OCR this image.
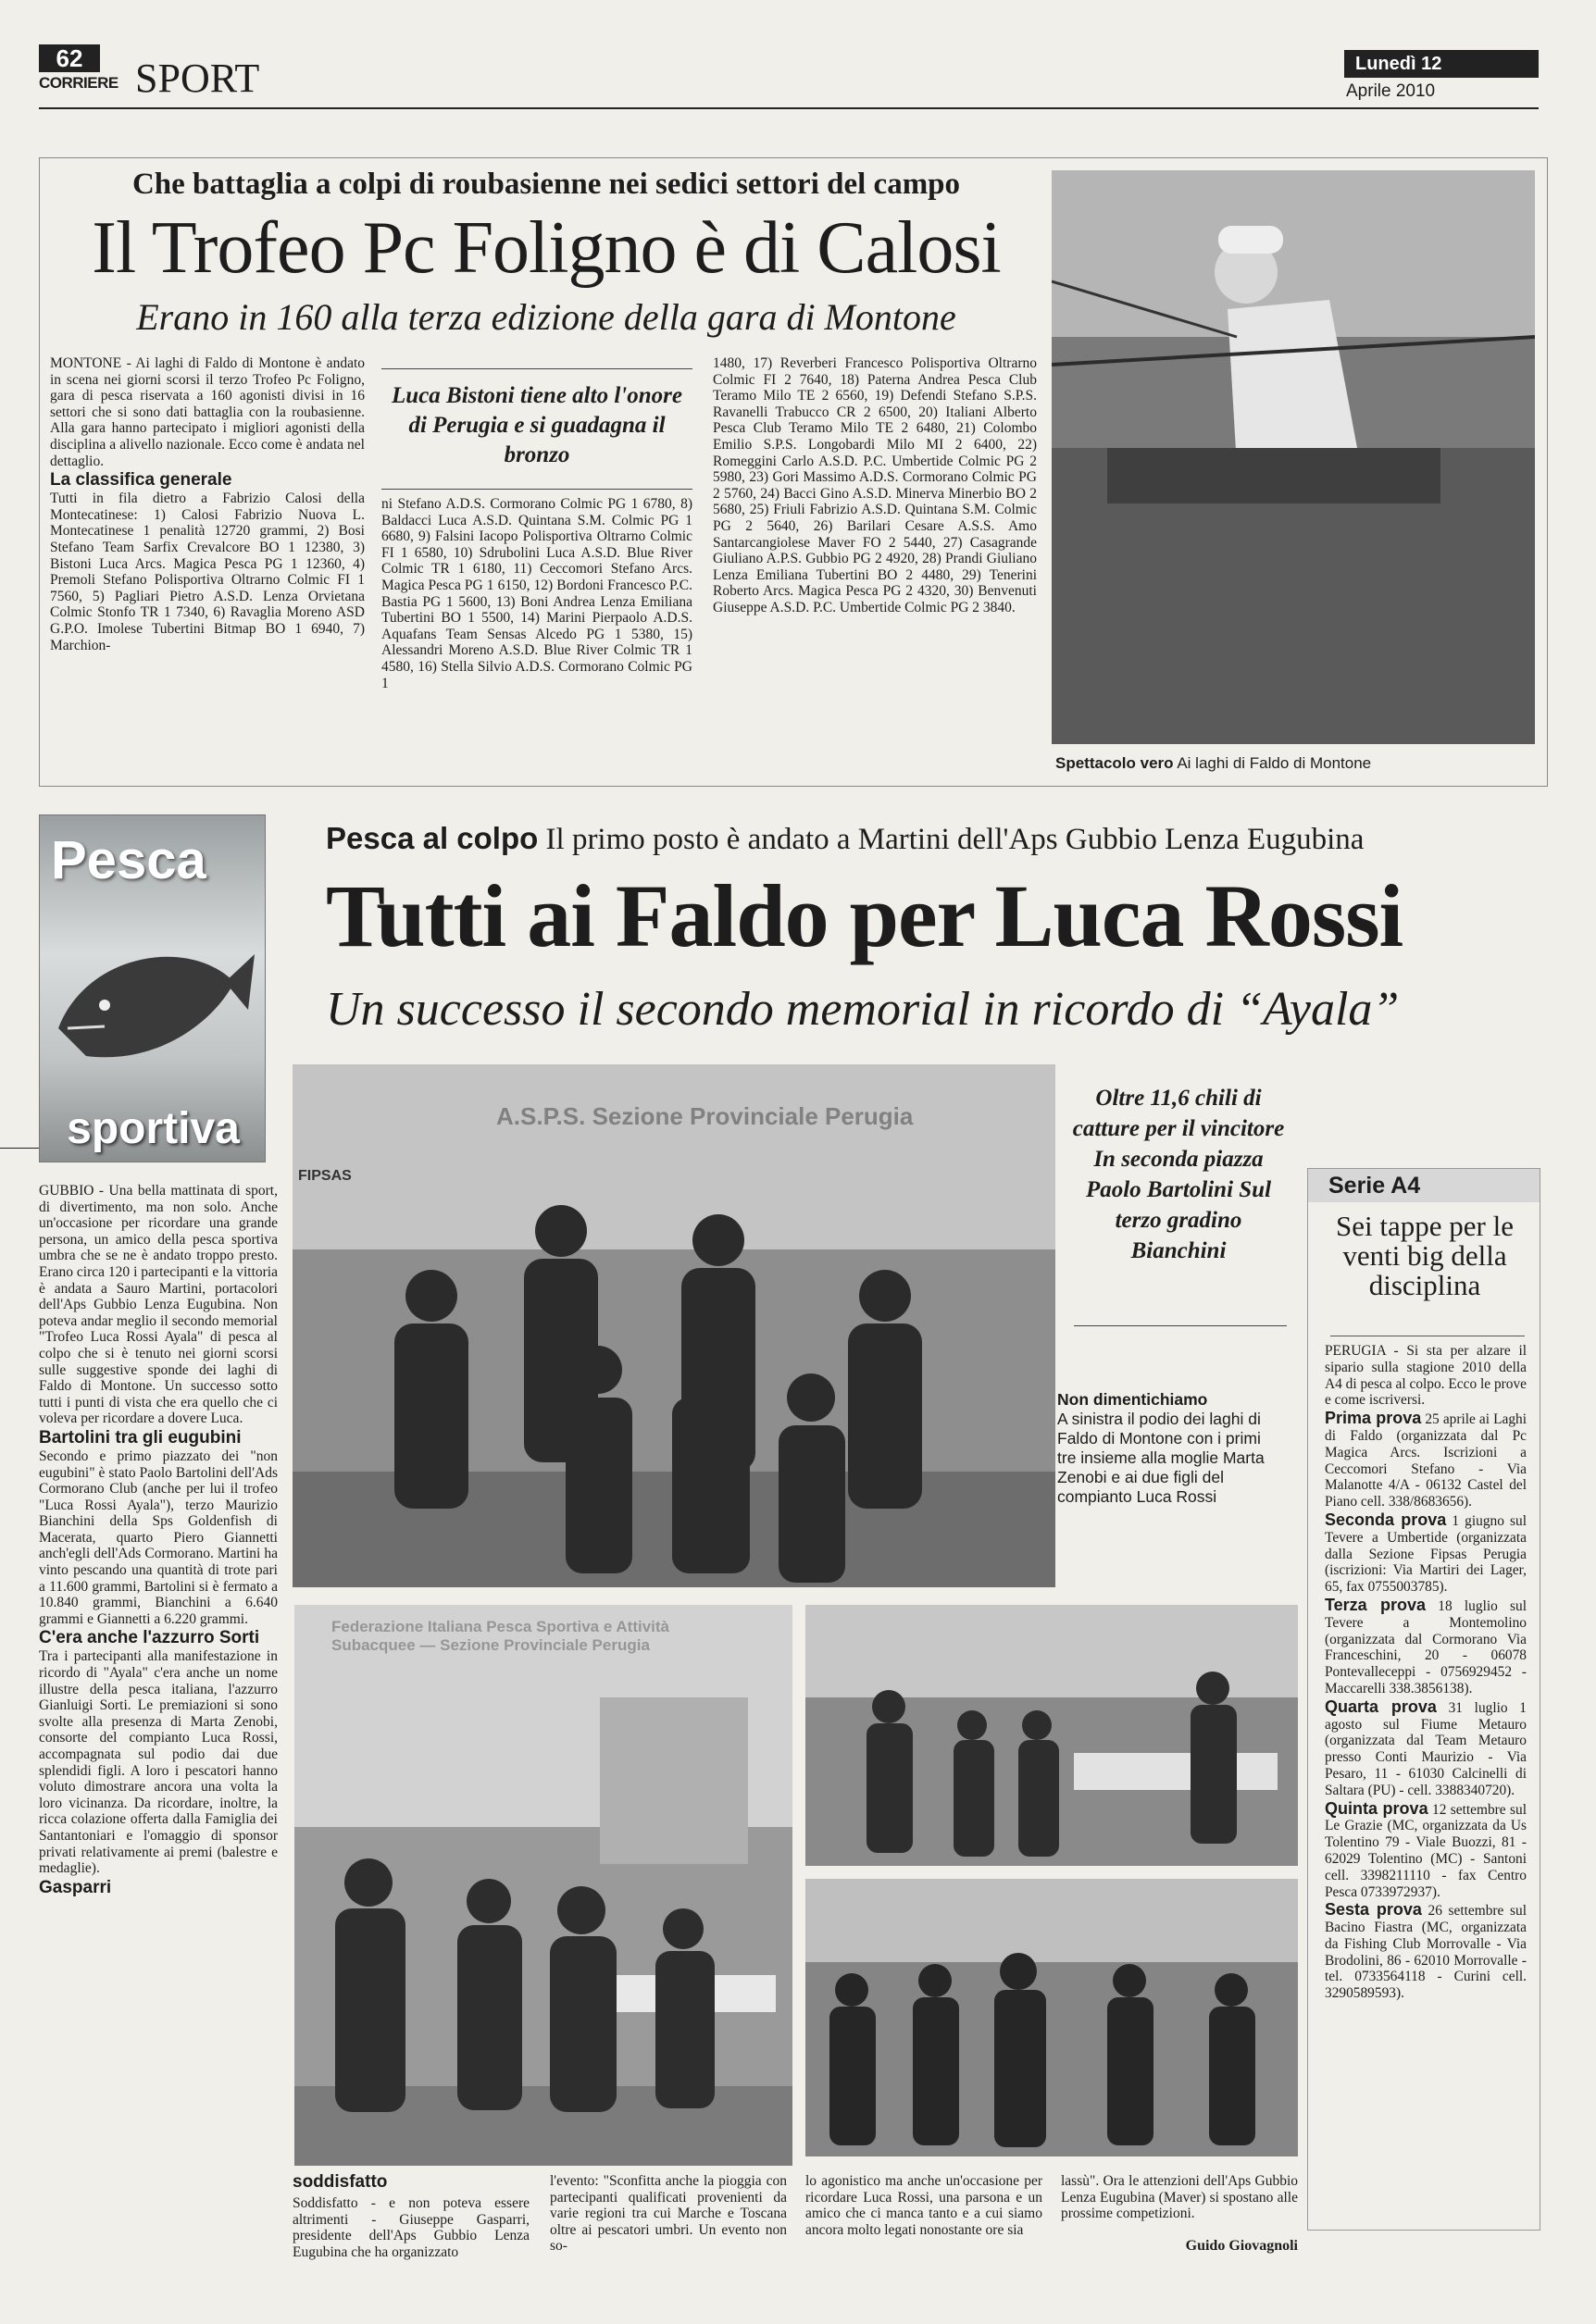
62
CORRIERE SPORT	Lunedì 12
Aprile 2010
Che battaglia a colpi di roubasienne nei sedici settori del campo
Il Trofeo Pc Foligno è di Calosi
Erano in 160 alla terza edizione della gara di Montone

MONTONE - Ai laghi di Faldo di Montone è andato in scena nei giorni scorsi il terzo Trofeo Pc Foligno, gara di pesca riservata a 160 agonisti divisi in 16 settori che si sono dati battaglia con la roubasienne. Alla gara hanno partecipato i migliori agonisti della disciplina a alivello nazionale. Ecco come è andata nel dettaglio.

La classifica generale

Tutti in fila dietro a Fabrizio Calosi della Montecatinese: 1) Calosi Fabrizio Nuova L. Montecatinese 1 penalità 12720 grammi, 2) Bosi Stefano Team Sarfix Crevalcore BO 1 12380, 3) Bistoni Luca Arcs. Magica Pesca PG 1 12360, 4) Premoli Stefano Polisportiva Oltrarno Colmic FI 1 7560, 5) Pagliari Pietro A.S.D. Lenza Orvietana Colmic Stonfo TR 1 7340, 6) Ravaglia Moreno ASD G.P.O. Imolese Tubertini Bitmap BO 1 6940, 7) Marchion-

Luca Bistoni tiene alto l'onore di Perugia e si guadagna il bronzo
ni Stefano A.D.S. Cormorano Colmic PG 1 6780, 8) Baldacci Luca A.S.D. Quintana S.M. Colmic PG 1 6680, 9) Falsini Iacopo Polisportiva Oltrarno Colmic FI 1 6580, 10) Sdrubolini Luca A.S.D. Blue River Colmic TR 1 6180, 11) Ceccomori Stefano Arcs. Magica Pesca PG 1 6150, 12) Bordoni Francesco P.C. Bastia PG 1 5600, 13) Boni Andrea Lenza Emiliana Tubertini BO 1 5500, 14) Marini Pierpaolo A.D.S. Aquafans Team Sensas Alcedo PG 1 5380, 15) Alessandri Moreno A.S.D. Blue River Colmic TR 1 4580, 16) Stella Silvio A.D.S. Cormorano Colmic PG 1
1480, 17) Reverberi Francesco Polisportiva Oltrarno Colmic FI 2 7640, 18) Paterna Andrea Pesca Club Teramo Milo TE 2 6560, 19) Defendi Stefano S.P.S. Ravanelli Trabucco CR 2 6500, 20) Italiani Alberto Pesca Club Teramo Milo TE 2 6480, 21) Colombo Emilio S.P.S. Longobardi Milo MI 2 6400, 22) Romeggini Carlo A.S.D. P.C. Umbertide Colmic PG 2 5980, 23) Gori Massimo A.D.S. Cormorano Colmic PG 2 5760, 24) Bacci Gino A.S.D. Minerva Minerbio BO 2 5680, 25) Friuli Fabrizio A.S.D. Quintana S.M. Colmic PG 2 5640, 26) Barilari Cesare A.S.S. Amo Santarcangiolese Maver FO 2 5440, 27) Casagrande Giuliano A.P.S. Gubbio PG 2 4920, 28) Prandi Giuliano Lenza Emiliana Tubertini BO 2 4480, 29) Tenerini Roberto Arcs. Magica Pesca PG 2 4320, 30) Benvenuti Giuseppe A.S.D. P.C. Umbertide Colmic PG 2 3840.
Spettacolo vero Ai laghi di Faldo di Montone
Pesca
sportiva
Pesca al colpo Il primo posto è andato a Martini dell'Aps Gubbio Lenza Eugubina
Tutti ai Faldo per Luca Rossi
Un successo il secondo memorial in ricordo di “Ayala”

GUBBIO - Una bella mattinata di sport, di divertimento, ma non solo. Anche un'occasione per ricordare una grande persona, un amico della pesca sportiva umbra che se ne è andato troppo presto. Erano circa 120 i partecipanti e la vittoria è andata a Sauro Martini, portacolori dell'Aps Gubbio Lenza Eugubina. Non poteva andar meglio il secondo memorial "Trofeo Luca Rossi Ayala" di pesca al colpo che si è tenuto nei giorni scorsi sulle suggestive sponde dei laghi di Faldo di Montone. Un successo sotto tutti i punti di vista che era quello che ci voleva per ricordare a dovere Luca.

Bartolini tra gli eugubini

Secondo e primo piazzato dei "non eugubini" è stato Paolo Bartolini dell'Ads Cormorano Club (anche per lui il trofeo "Luca Rossi Ayala"), terzo Maurizio Bianchini della Sps Goldenfish di Macerata, quarto Piero Giannetti anch'egli dell'Ads Cormorano. Martini ha vinto pescando una quantità di trote pari a 11.600 grammi, Bartolini si è fermato a 10.840 grammi, Bianchini a 6.640 grammi e Giannetti a 6.220 grammi.

C'era anche l'azzurro Sorti

Tra i partecipanti alla manifestazione in ricordo di "Ayala" c'era anche un nome illustre della pesca italiana, l'azzurro Gianluigi Sorti. Le premiazioni si sono svolte alla presenza di Marta Zenobi, consorte del compianto Luca Rossi, accompagnata sul podio dai due splendidi figli. A loro i pescatori hanno voluto dimostrare ancora una volta la loro vicinanza. Da ricordare, inoltre, la ricca colazione offerta dalla Famiglia dei Santantoniari e l'omaggio di sponsor privati relativamente ai premi (balestre e medaglie).

Gasparri
A.S.P.S. Sezione Provinciale Perugia
FIPSAS
Oltre 11,6 chili di catture per il vincitore In seconda piazza Paolo Bartolini Sul terzo gradino Bianchini
Non dimentichiamo
A sinistra il podio dei laghi di Faldo di Montone con i primi tre insieme alla moglie Marta Zenobi e ai due figli del compianto Luca Rossi
Serie A4
Sei tappe per le venti big della disciplina

PERUGIA - Si sta per alzare il sipario sulla stagione 2010 della A4 di pesca al colpo. Ecco le prove e come iscriversi.

Prima prova 25 aprile ai Laghi di Faldo (organizzata dal Pc Magica Arcs. Iscrizioni a Ceccomori Stefano - Via Malanotte 4/A - 06132 Castel del Piano cell. 338/8683656).

Seconda prova 1 giugno sul Tevere a Umbertide (organizzata dalla Sezione Fipsas Perugia (iscrizioni: Via Martiri dei Lager, 65, fax 0755003785).

Terza prova 18 luglio sul Tevere a Montemolino (organizzata dal Cormorano Via Franceschini, 20 - 06078 Pontevalleceppi - 0756929452 - Maccarelli 338.3856138).

Quarta prova 31 luglio 1 agosto sul Fiume Metauro (organizzata dal Team Metauro presso Conti Maurizio - Via Pesaro, 11 - 61030 Calcinelli di Saltara (PU) - cell. 3388340720).

Quinta prova 12 settembre sul Le Grazie (MC, organizzata da Us Tolentino 79 - Viale Buozzi, 81 - 62029 Tolentino (MC) - Santoni cell. 3398211110 - fax Centro Pesca 0733972937).

Sesta prova 26 settembre sul Bacino Fiastra (MC, organizzata da Fishing Club Morrovalle - Via Brodolini, 86 - 62010 Morrovalle - tel. 0733564118 - Curini cell. 3290589593).

Federazione Italiana Pesca Sportiva e Attività Subacquee — Sezione Provinciale Perugia
soddisfatto
Soddisfatto - e non poteva essere altrimenti - Giuseppe Gasparri, presidente dell'Aps Gubbio Lenza Eugubina che ha organizzato
l'evento: "Sconfitta anche la pioggia con partecipanti qualificati provenienti da varie regioni tra cui Marche e Toscana oltre ai pescatori umbri. Un evento non so-
lo agonistico ma anche un'occasione per ricordare Luca Rossi, una parsona e un amico che ci manca tanto e a cui siamo ancora molto legati nonostante ore sia
lassù". Ora le attenzioni dell'Aps Gubbio Lenza Eugubina (Maver) si spostano alle prossime competizioni.
Guido Giovagnoli
